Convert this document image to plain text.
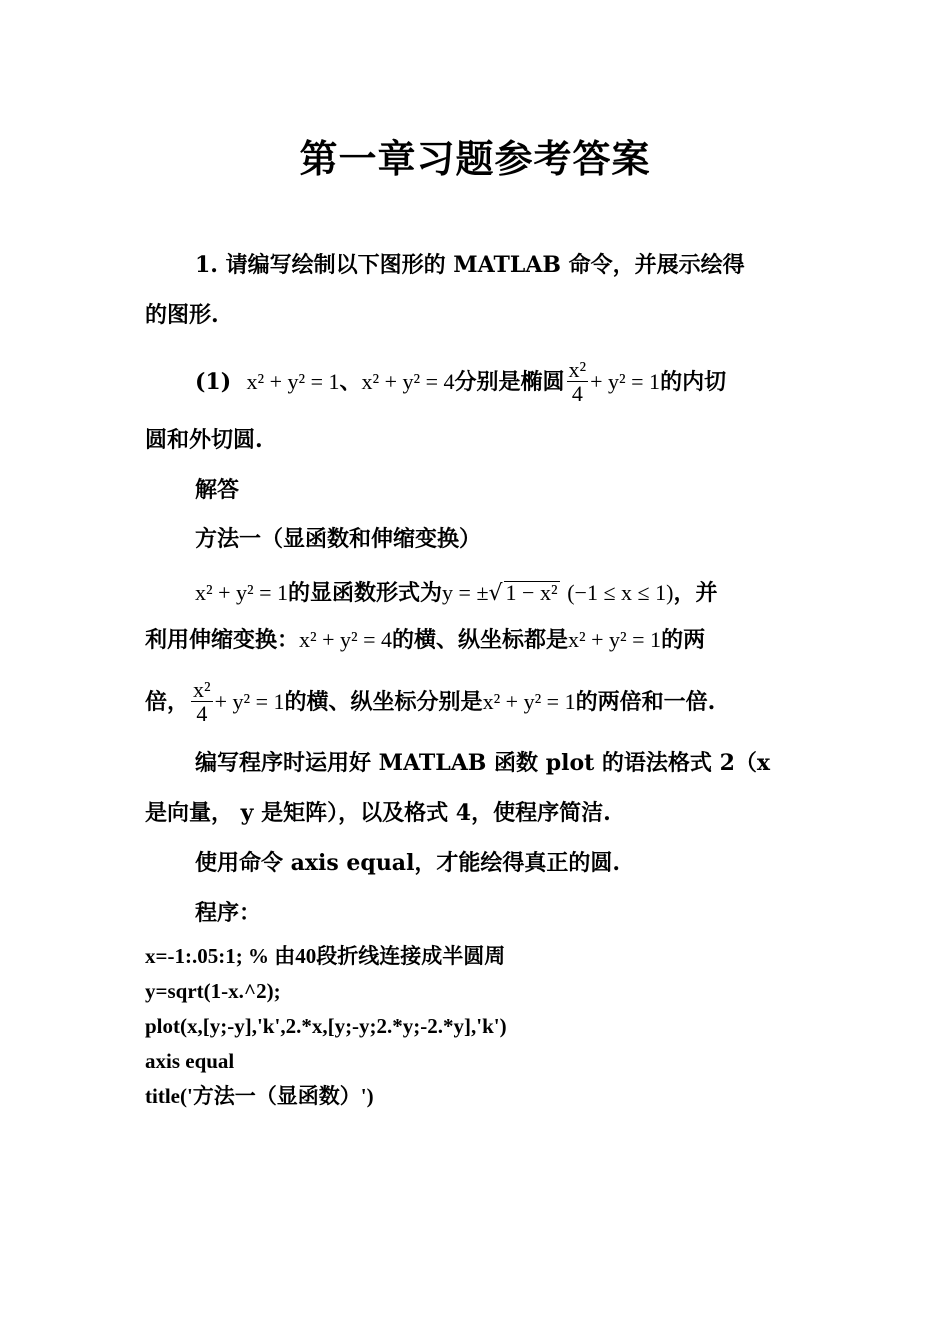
第一章习题参考答案
1. 请编写绘制以下图形的 MATLAB 命令，并展示绘得
的图形.
(1)
x² + y² = 1 、 x² + y² = 4 分别是椭圆 $\frac{\text{x²}}{4} + y^2 = 1$ 的内切
圆和外切圆.
解答
方法一（显函数和伸缩变换）
x² + y² = 1的显函数形式为y = ±√ 1 − x² (−1 ≤ x ≤ 1)，并
利用伸缩变换：x² + y² = 4的横、纵坐标都是x² + y² = 1的两
倍， $\frac{\text{x²}}{4} + y^2 = 1$ 的横、纵坐标分别是 x² + y² = 1 的两倍和一倍.
编写程序时运用好 MATLAB 函数 plot 的语法格式 2（x
是向量， y 是矩阵），以及格式 4，使程序简洁.
使用命令 axis equal，才能绘得真正的圆.
程序：
x=-1:.05:1; % 由40段折线连接成半圆周
y=sqrt(1-x.^2);
plot(x,[y;-y],'k',2.*x,[y;-y;2.*y;-2.*y],'k')
axis equal
title('方法一（显函数）')
